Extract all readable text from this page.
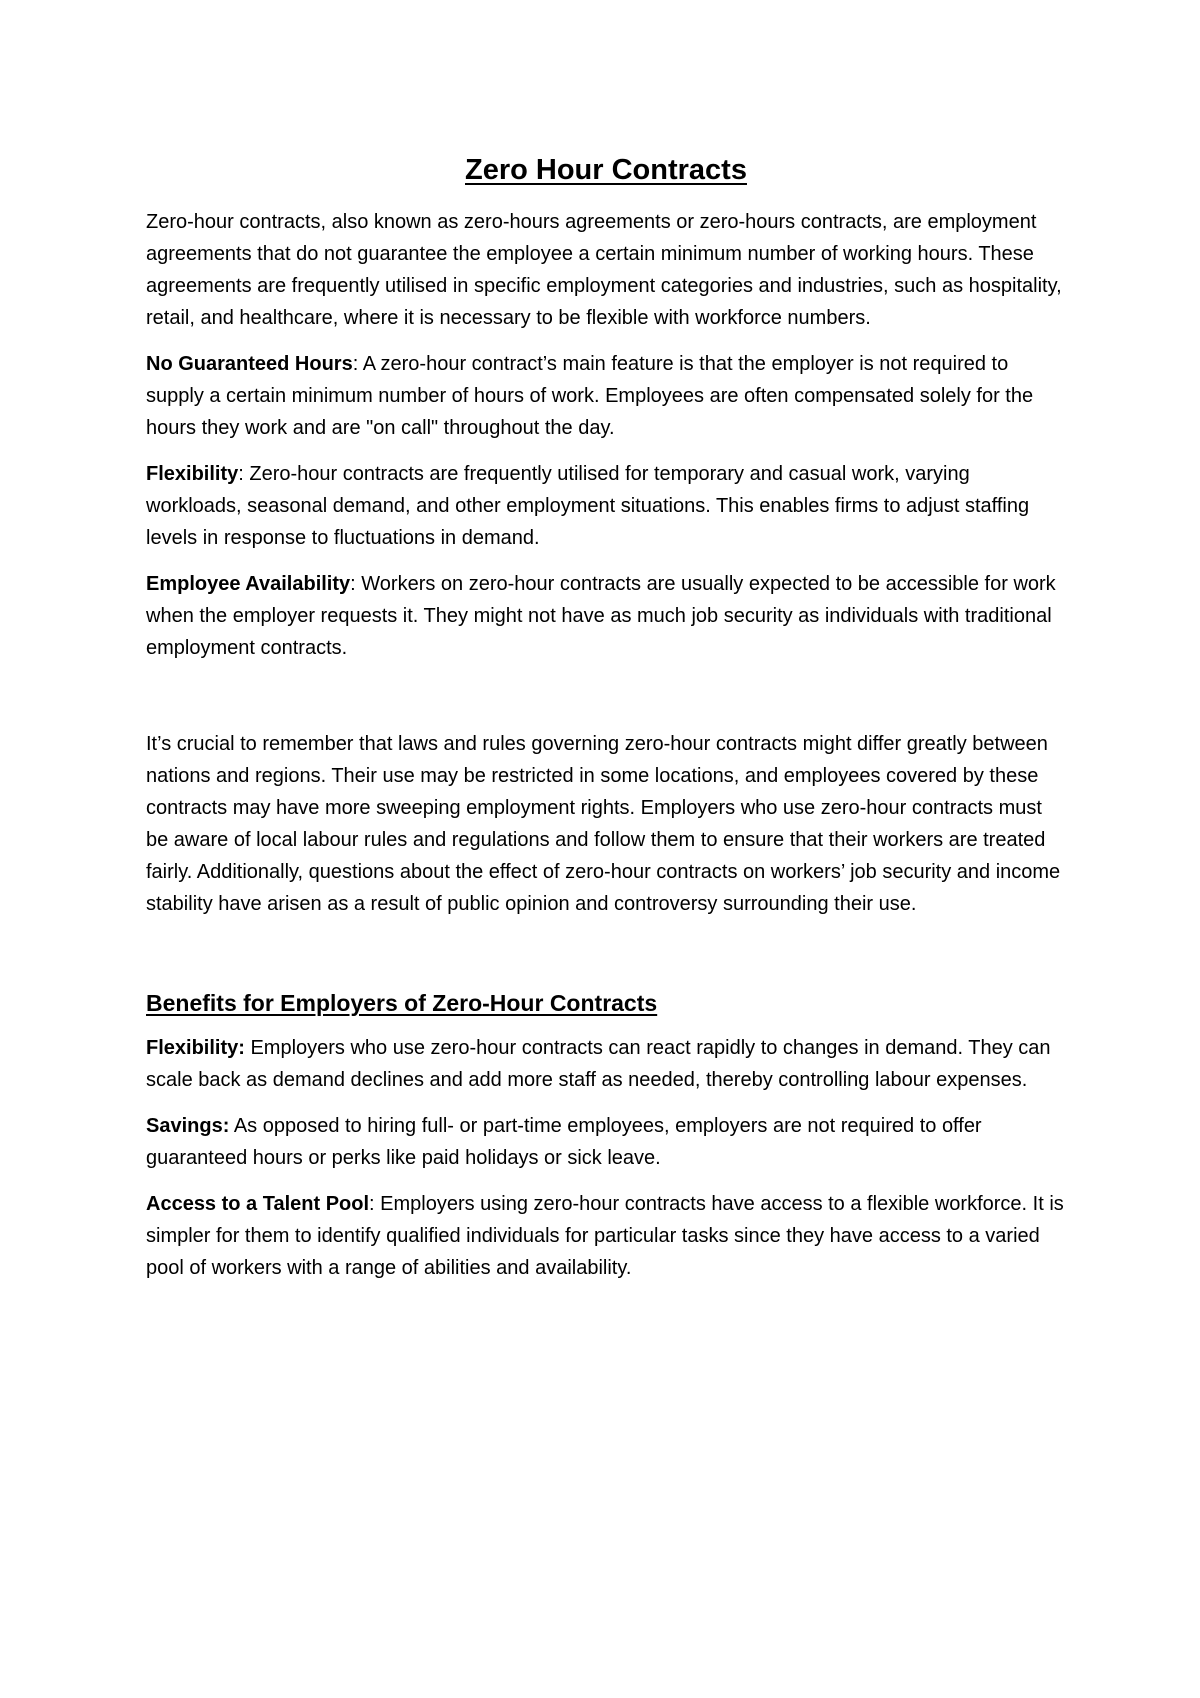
Zero Hour Contracts

Zero-hour contracts, also known as zero-hours agreements or zero-hours contracts, are employment agreements that do not guarantee the employee a certain minimum number of working hours. These agreements are frequently utilised in specific employment categories and industries, such as hospitality, retail, and healthcare, where it is necessary to be flexible with workforce numbers.

No Guaranteed Hours: A zero-hour contract’s main feature is that the employer is not required to supply a certain minimum number of hours of work. Employees are often compensated solely for the hours they work and are "on call" throughout the day.

Flexibility: Zero-hour contracts are frequently utilised for temporary and casual work, varying workloads, seasonal demand, and other employment situations. This enables firms to adjust staffing levels in response to fluctuations in demand.

Employee Availability: Workers on zero-hour contracts are usually expected to be accessible for work when the employer requests it. They might not have as much job security as individuals with traditional employment contracts.

It’s crucial to remember that laws and rules governing zero-hour contracts might differ greatly between nations and regions. Their use may be restricted in some locations, and employees covered by these contracts may have more sweeping employment rights. Employers who use zero-hour contracts must be aware of local labour rules and regulations and follow them to ensure that their workers are treated fairly. Additionally, questions about the effect of zero-hour contracts on workers’ job security and income stability have arisen as a result of public opinion and controversy surrounding their use.

Benefits for Employers of Zero-Hour Contracts

Flexibility: Employers who use zero-hour contracts can react rapidly to changes in demand. They can scale back as demand declines and add more staff as needed, thereby controlling labour expenses.

Savings: As opposed to hiring full- or part-time employees, employers are not required to offer guaranteed hours or perks like paid holidays or sick leave.

Access to a Talent Pool: Employers using zero-hour contracts have access to a flexible workforce. It is simpler for them to identify qualified individuals for particular tasks since they have access to a varied pool of workers with a range of abilities and availability.
